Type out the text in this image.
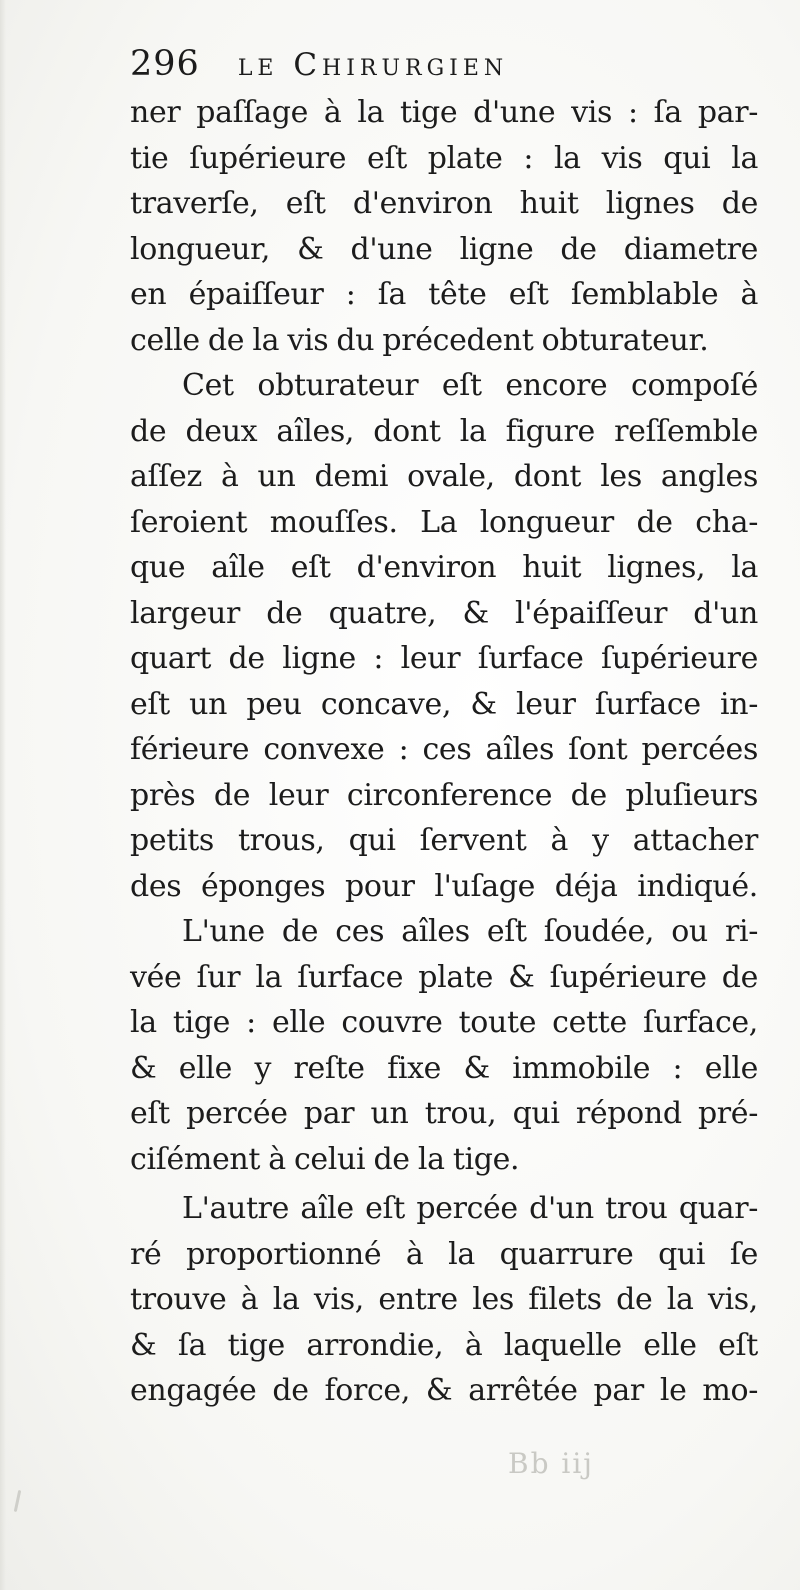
296 le Chirurgien
ner paſſage à la tige d'une vis : ſa par-
tie ſupérieure eſt plate : la vis qui la
traverſe, eſt d'environ huit lignes de
longueur, & d'une ligne de diametre
en épaiſſeur : ſa tête eſt ſemblable à
celle de la vis du précedent obturateur.
Cet obturateur eſt encore compoſé
de deux aîles, dont la figure reſſemble
aſſez à un demi ovale, dont les angles
ſeroient mouſſes. La longueur de cha-
que aîle eſt d'environ huit lignes, la
largeur de quatre, & l'épaiſſeur d'un
quart de ligne : leur ſurface ſupérieure
eſt un peu concave, & leur ſurface in-
férieure convexe : ces aîles ſont percées
près de leur circonference de pluſieurs
petits trous, qui ſervent à y attacher
des éponges pour l'uſage déja indiqué.
L'une de ces aîles eſt ſoudée, ou ri-
vée ſur la ſurface plate & ſupérieure de
la tige : elle couvre toute cette ſurface,
& elle y reſte fixe & immobile : elle
eſt percée par un trou, qui répond pré-
ciſément à celui de la tige.
L'autre aîle eſt percée d'un trou quar-
ré proportionné à la quarrure qui ſe
trouve à la vis, entre les filets de la vis,
& ſa tige arrondie, à laquelle elle eſt
engagée de force, & arrêtée par le mo-
Bb iij
